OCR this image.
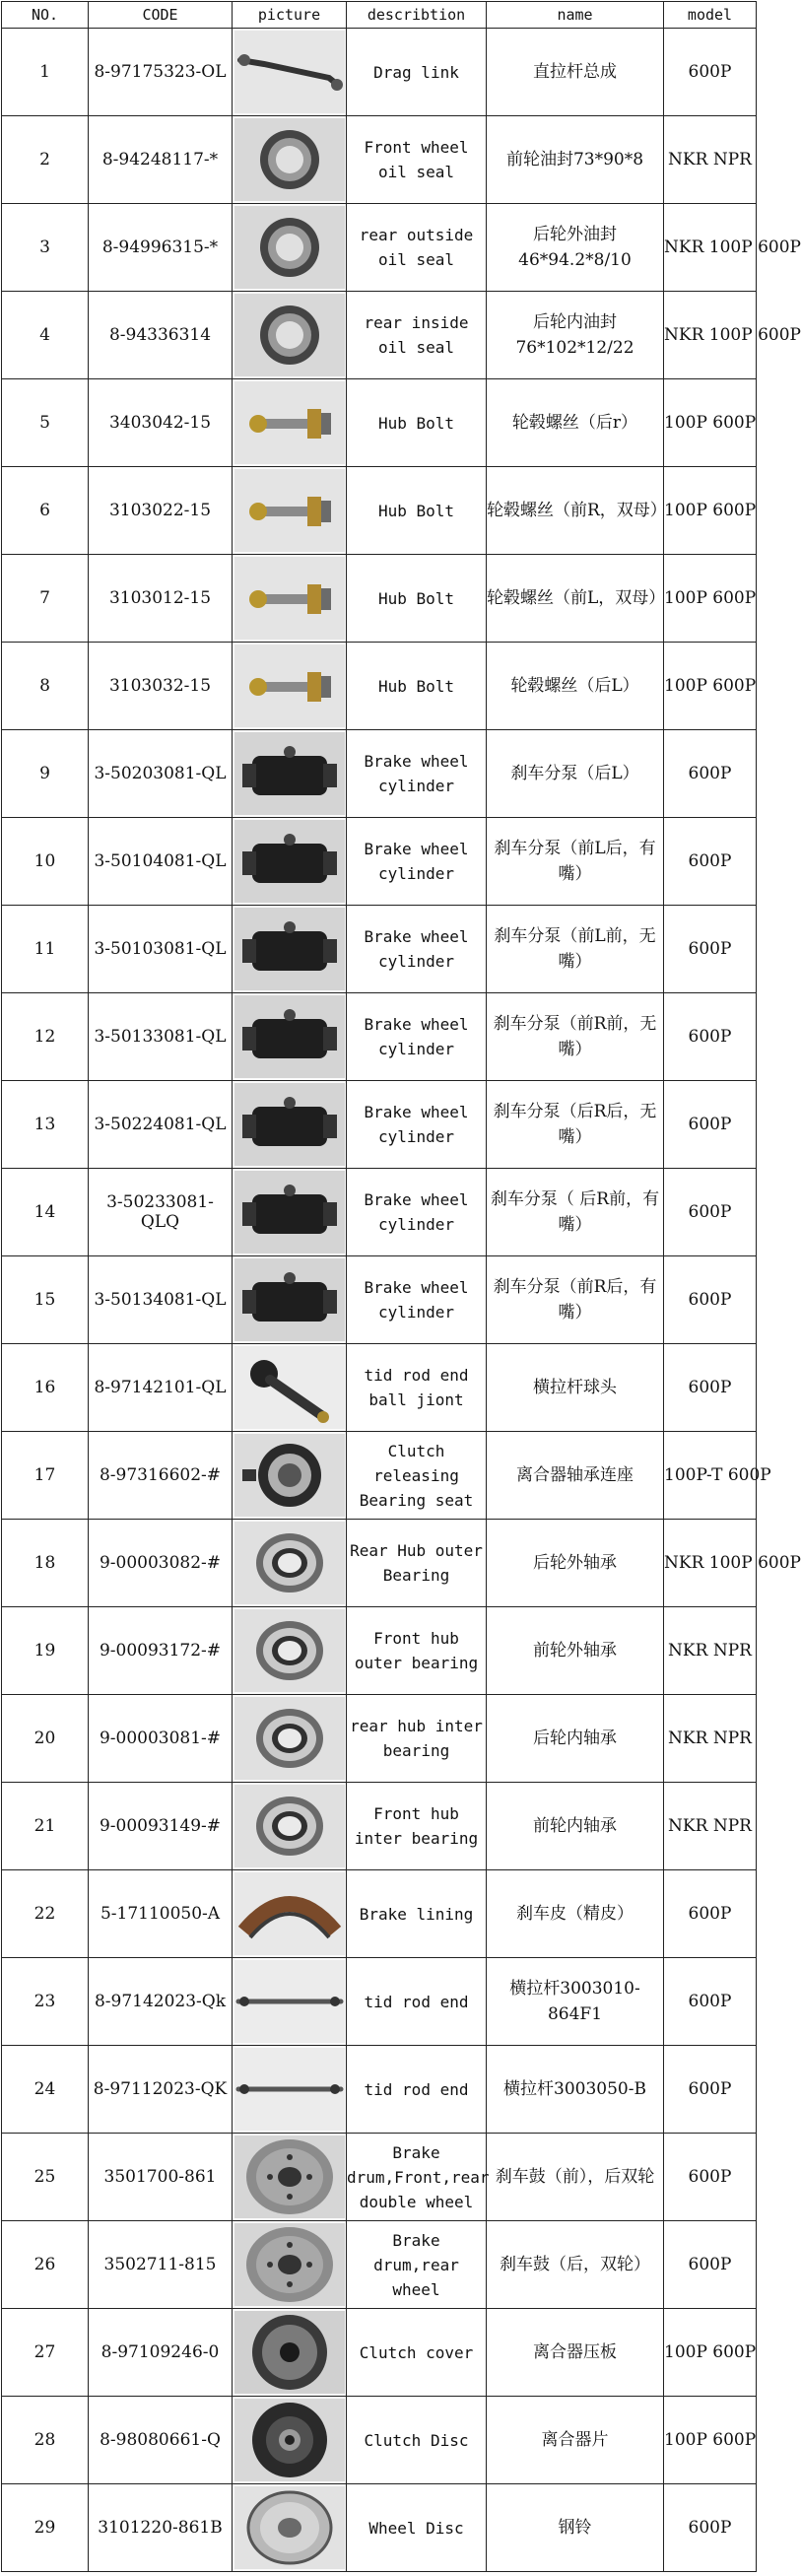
NO.	CODE	picture	describtion	name	model
1	8-97175323-OL		Drag link	直拉杆总成	600P
2	8-94248117-*		Front wheel oil seal	前轮油封73*90*8	NKR NPR
3	8-94996315-*		rear outside oil seal	后轮外油封46*94.2*8/10	NKR 100P 600P
4	8-94336314		rear inside oil seal	后轮内油封76*102*12/22	NKR 100P 600P
5	3403042-15		Hub Bolt	轮毂螺丝（后r）	100P 600P
6	3103022-15		Hub Bolt	轮毂螺丝（前R，双母）	100P 600P
7	3103012-15		Hub Bolt	轮毂螺丝（前L，双母）	100P 600P
8	3103032-15		Hub Bolt	轮毂螺丝（后L）	100P 600P
9	3-50203081-QL		Brake wheel cylinder	刹车分泵（后L）	600P
10	3-50104081-QL		Brake wheel cylinder	刹车分泵（前L后，有嘴）	600P
11	3-50103081-QL		Brake wheel cylinder	刹车分泵（前L前，无嘴）	600P
12	3-50133081-QL		Brake wheel cylinder	刹车分泵（前R前，无嘴）	600P
13	3-50224081-QL		Brake wheel cylinder	刹车分泵（后R后，无嘴）	600P
14	3-50233081-QLQ		Brake wheel cylinder	刹车分泵（ 后R前，有嘴）	600P
15	3-50134081-QL		Brake wheel cylinder	刹车分泵（前R后，有嘴）	600P
16	8-97142101-QL		tid rod end ball jiont	横拉杆球头	600P
17	8-97316602-#		Clutch releasing Bearing seat	离合器轴承连座	100P-T 600P
18	9-00003082-#		Rear Hub outer Bearing	后轮外轴承	NKR 100P 600P
19	9-00093172-#		Front hub outer bearing	前轮外轴承	NKR NPR
20	9-00003081-#		rear hub inter bearing	后轮内轴承	NKR NPR
21	9-00093149-#		Front hub inter bearing	前轮内轴承	NKR NPR
22	5-17110050-A		Brake lining	刹车皮（精皮）	600P
23	8-97142023-Qk		tid rod end	横拉杆3003010-864F1	600P
24	8-97112023-QK		tid rod end	横拉杆3003050-B	600P
25	3501700-861		Brake drum,Front,rear double wheel	刹车鼓（前），后双轮	600P
26	3502711-815		Brake drum,rear wheel	刹车鼓（后，双轮）	600P
27	8-97109246-0		Clutch cover	离合器压板	100P 600P
28	8-98080661-Q		Clutch Disc	离合器片	100P 600P
29	3101220-861B		Wheel Disc	钢铃	600P
